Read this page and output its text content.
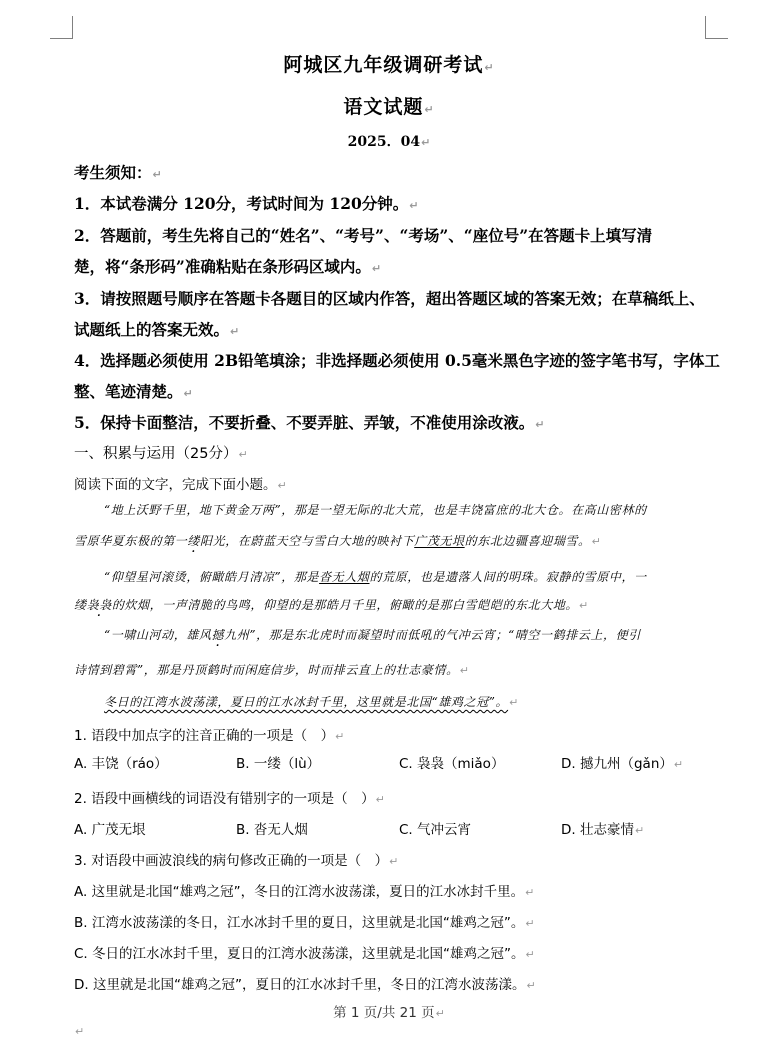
阿城区九年级调研考试↵
语文试题↵
2025．04↵
考生须知：↵
1．本试卷满分 120分，考试时间为 120分钟。↵
2．答题前，考生先将自己的“姓名”、“考号”、“考场”、“座位号”在答题卡上填写清
楚，将“条形码”准确粘贴在条形码区域内。↵
3．请按照题号顺序在答题卡各题目的区域内作答，超出答题区域的答案无效；在草稿纸上、
试题纸上的答案无效。↵
4．选择题必须使用 2B铅笔填涂；非选择题必须使用 0.5毫米黑色字迹的签字笔书写，字体工
整、笔迹清楚。↵
5．保持卡面整洁，不要折叠、不要弄脏、弄皱，不准使用涂改液。↵
一、积累与运用（25分）↵
阅读下面的文字，完成下面小题。↵
“地上沃野千里，地下黄金万两”，那是一望无际的北大荒，也是丰饶富庶的北大仓。在高山密林的
雪原华夏东极的第一缕阳光，在蔚蓝天空与雪白大地的映衬下广茂无垠的东北边疆喜迎瑞雪。↵
“仰望星河滚烫，俯瞰皓月清凉”，那是沓无人烟的荒原，也是遗落人间的明珠。寂静的雪原中，一
缕袅袅的炊烟，一声清脆的鸟鸣，仰望的是那皓月千里，俯瞰的是那白雪皑皑的东北大地。↵
“一啸山河动，雄风撼九州”，那是东北虎时而凝望时而低吼的气冲云宵；“晴空一鹤排云上，便引
诗情到碧霄”，那是丹顶鹤时而闲庭信步，时而排云直上的壮志豪情。↵
冬日的江湾水波荡漾，夏日的江水冰封千里，这里就是北国“雄鸡之冠”。↵
1. 语段中加点字的注音正确的一项是（　）↵
A. 丰饶（ráo）	B. 一缕（lù）	C. 袅袅（miǎo）	D. 撼九州（gǎn）↵
2. 语段中画横线的词语没有错别字的一项是（　）↵
A. 广茂无垠	B. 沓无人烟	C. 气冲云宵	D. 壮志豪情↵
3. 对语段中画波浪线的病句修改正确的一项是（　）↵
A. 这里就是北国“雄鸡之冠”，冬日的江湾水波荡漾，夏日的江水冰封千里。↵
B. 江湾水波荡漾的冬日，江水冰封千里的夏日，这里就是北国“雄鸡之冠”。↵
C. 冬日的江水冰封千里，夏日的江湾水波荡漾，这里就是北国“雄鸡之冠”。↵
D. 这里就是北国“雄鸡之冠”，夏日的江水冰封千里，冬日的江湾水波荡漾。↵
第 1 页/共 21 页↵
↵
